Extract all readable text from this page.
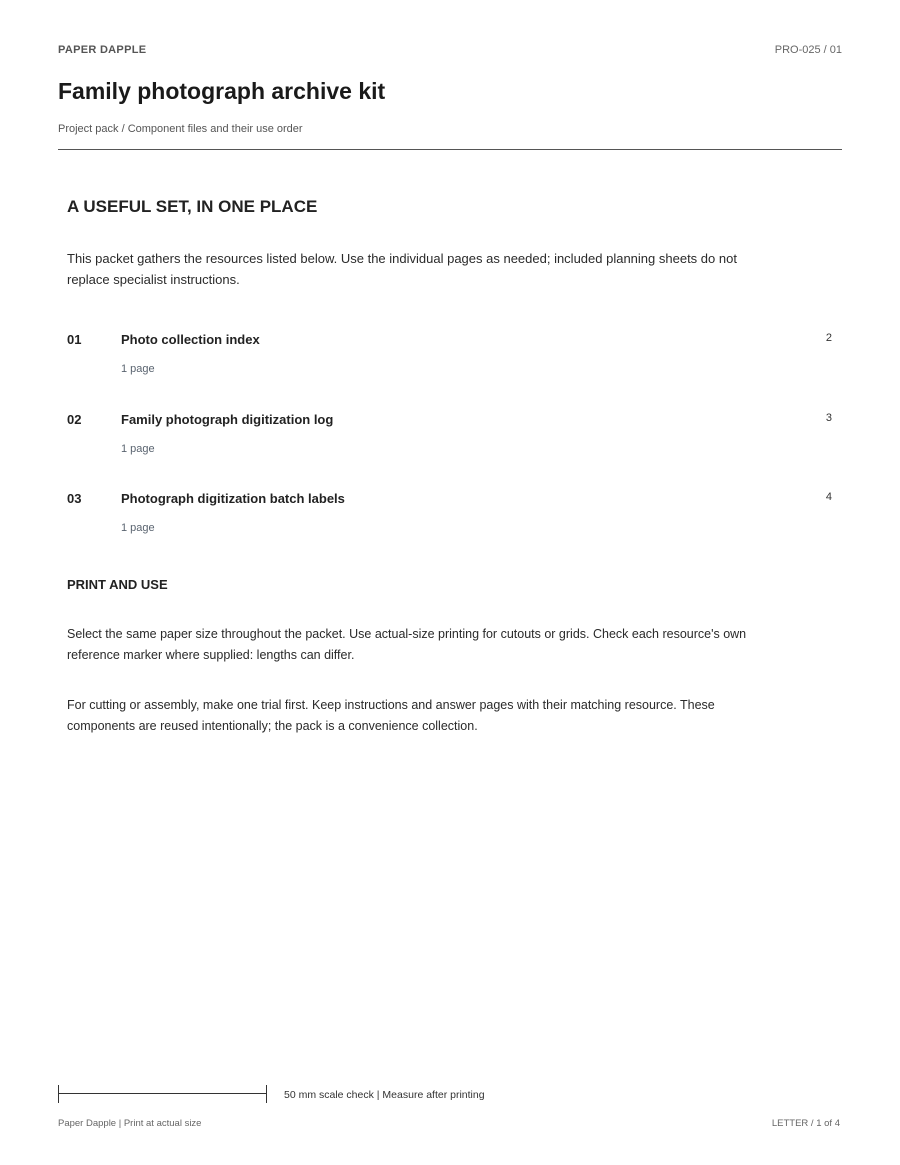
PAPER DAPPLE	PRO-025 / 01
Family photograph archive kit
Project pack / Component files and their use order
A USEFUL SET, IN ONE PLACE

This packet gathers the resources listed below. Use the individual pages as needed; included planning sheets do not replace specialist instructions.

01	Photo collection index	2
1 page
02	Family photograph digitization log	3
1 page
03	Photograph digitization batch labels	4
1 page
PRINT AND USE

Select the same paper size throughout the packet. Use actual-size printing for cutouts or grids. Check each resource's own reference marker where supplied: lengths can differ.

For cutting or assembly, make one trial first. Keep instructions and answer pages with their matching resource. These components are reused intentionally; the pack is a convenience collection.

50 mm scale check | Measure after printing
Paper Dapple | Print at actual size	LETTER / 1 of 4
